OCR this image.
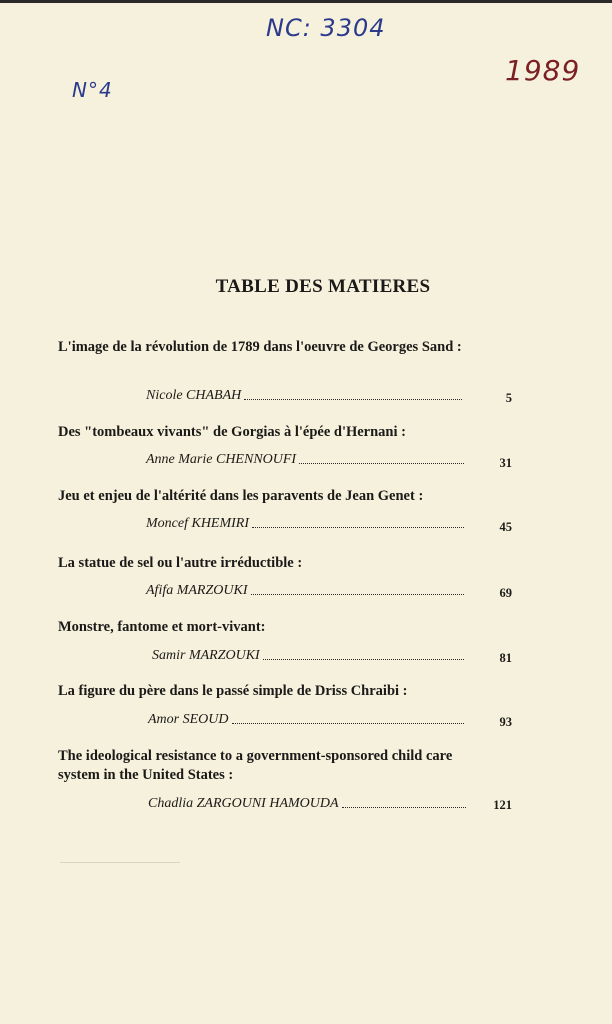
NC: 3304
N°4
1989
TABLE DES MATIERES
L'image de la révolution de 1789 dans l'oeuvre de Georges Sand :
Nicole CHABAH	5
Des "tombeaux vivants" de Gorgias à l'épée d'Hernani :
Anne Marie CHENNOUFI	31
Jeu et enjeu de l'altérité dans les paravents de Jean Genet :
Moncef KHEMIRI	45
La statue de sel ou l'autre irréductible :
Afifa MARZOUKI	69
Monstre, fantome et mort-vivant:
Samir MARZOUKI	81
La figure du père dans le passé simple de Driss Chraibi :
Amor SEOUD	93
The ideological resistance to a government-sponsored child care system in the United States :
Chadlia ZARGOUNI HAMOUDA	121
